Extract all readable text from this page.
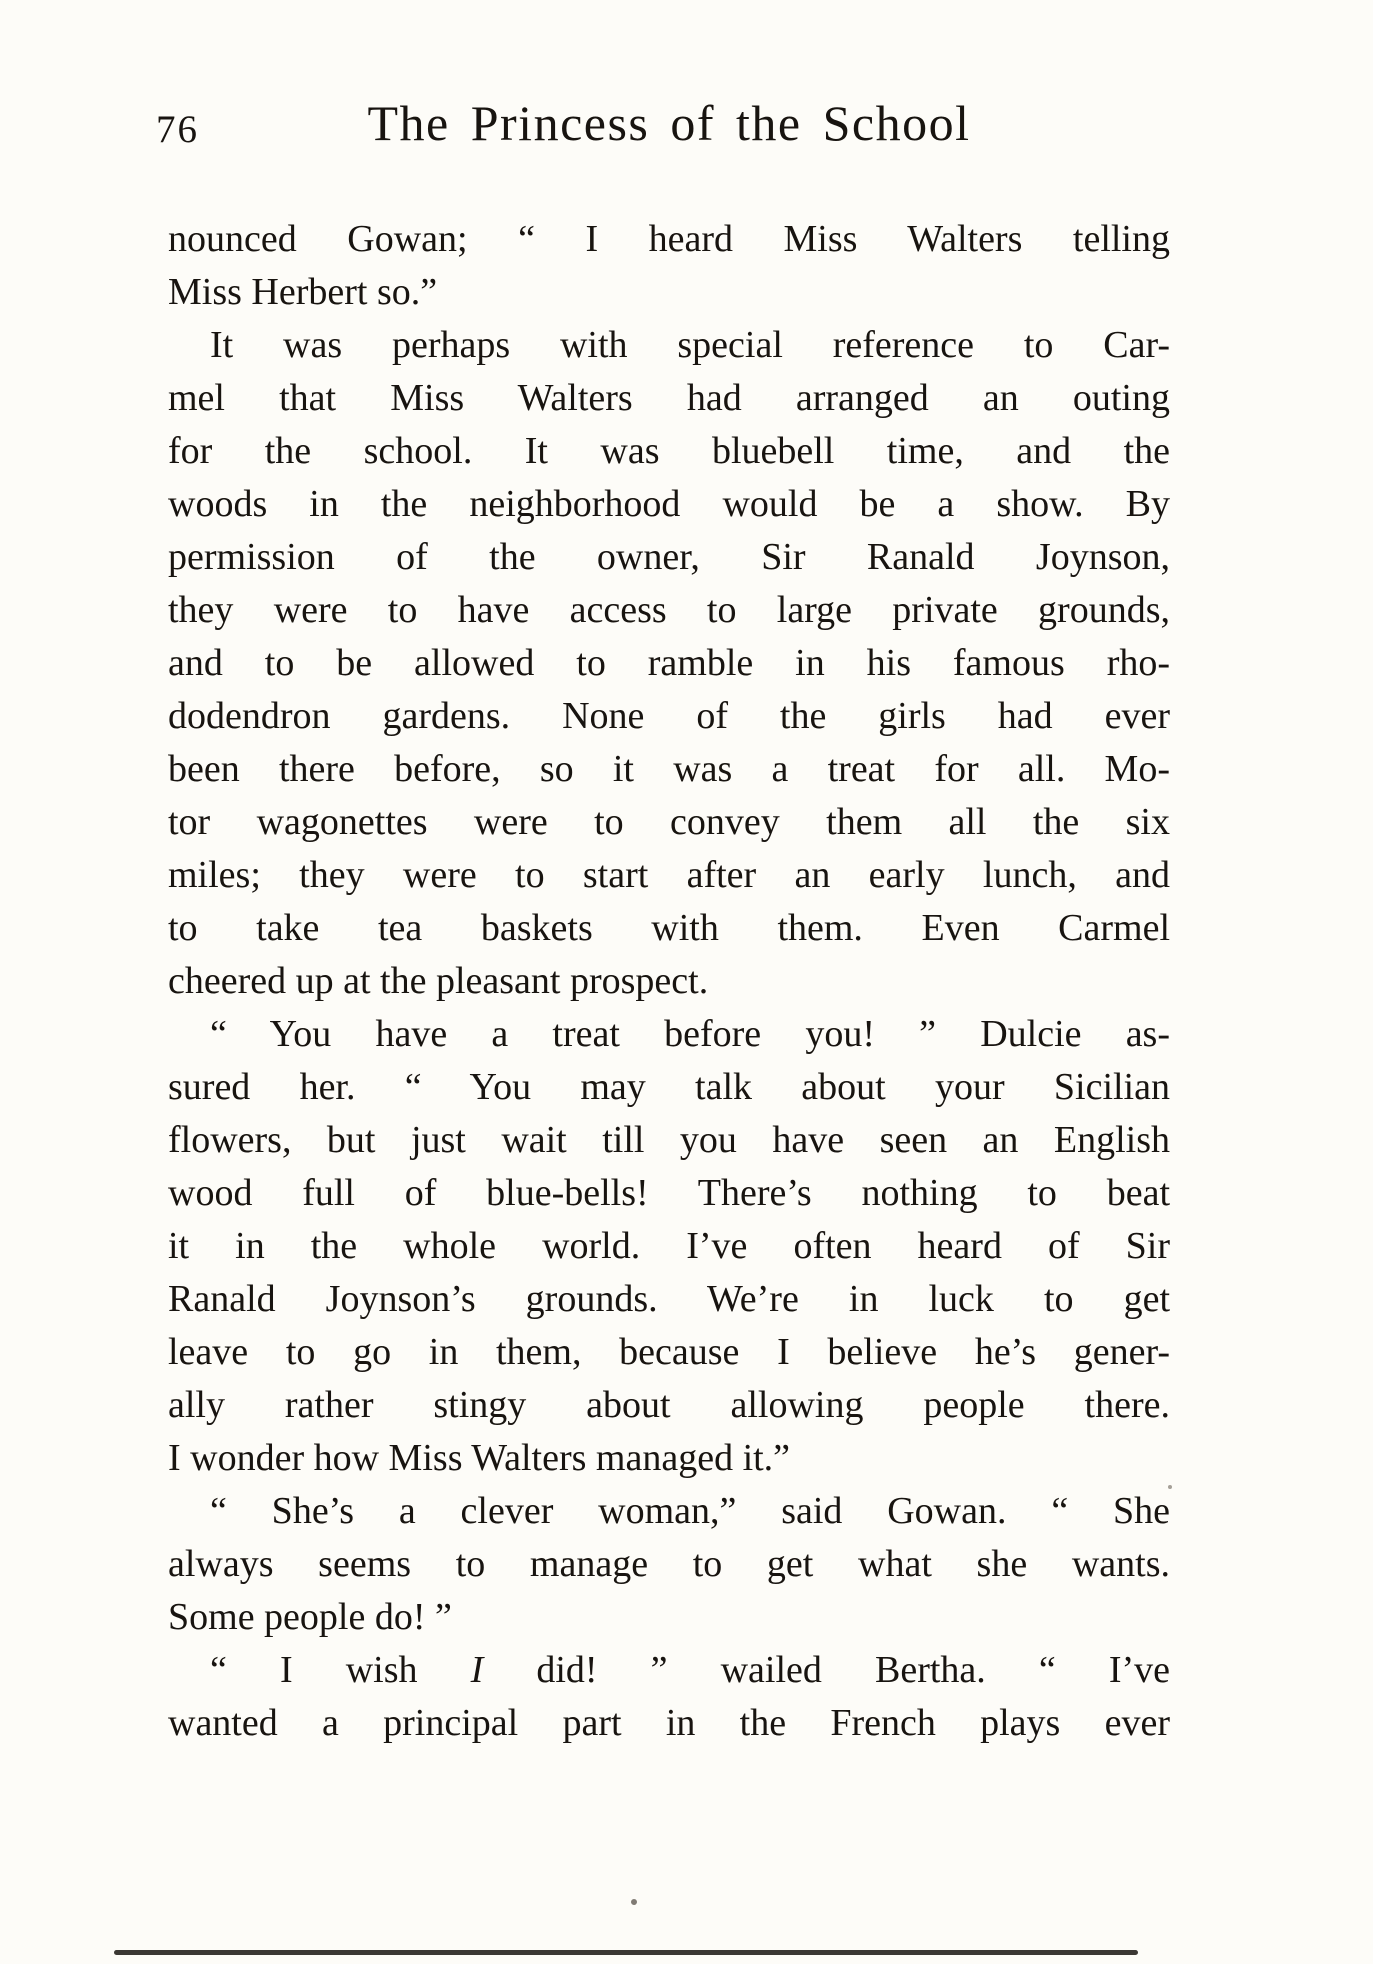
76	The Princess of the School
nounced Gowan; “ I heard Miss Walters telling
Miss Herbert so.”
It was perhaps with special reference to Car-
mel that Miss Walters had arranged an outing
for the school. It was bluebell time, and the
woods in the neighborhood would be a show. By
permission of the owner, Sir Ranald Joynson,
they were to have access to large private grounds,
and to be allowed to ramble in his famous rho-
dodendron gardens. None of the girls had ever
been there before, so it was a treat for all. Mo-
tor wagonettes were to convey them all the six
miles; they were to start after an early lunch, and
to take tea baskets with them. Even Carmel
cheered up at the pleasant prospect.
“ You have a treat before you! ” Dulcie as-
sured her. “ You may talk about your Sicilian
flowers, but just wait till you have seen an English
wood full of blue-bells! There’s nothing to beat
it in the whole world. I’ve often heard of Sir
Ranald Joynson’s grounds. We’re in luck to get
leave to go in them, because I believe he’s gener-
ally rather stingy about allowing people there.
I wonder how Miss Walters managed it.”
“ She’s a clever woman,” said Gowan. “ She
always seems to manage to get what she wants.
Some people do! ”
“ I wish I did! ” wailed Bertha. “ I’ve
wanted a principal part in the French plays ever
